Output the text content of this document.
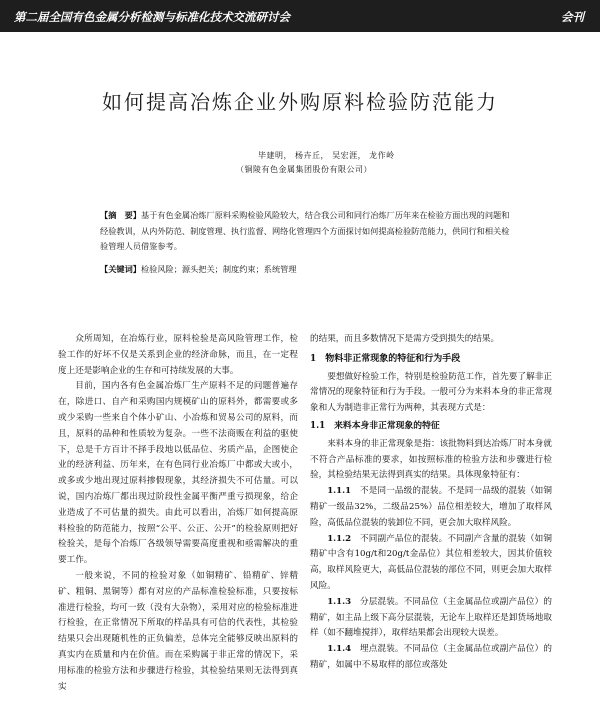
第二届全国有色金属分析检测与标准化技术交流研讨会	会刊
如何提高冶炼企业外购原料检验防范能力
毕建明， 杨卉丘， 吴宏涯， 龙作岭
（铜陵有色金属集团股份有限公司）
【摘　要】基于有色金属冶炼厂原料采购检验风险较大，结合我公司和同行冶炼厂历年来在检验方面出现的问题和经验教训，从内外防范、制度管理、执行监督、网络化管理四个方面探讨如何提高检验防范能力，供同行和相关检验管理人员借鉴参考。
【关键词】检验风险；源头把关；制度约束；系统管理

众所周知，在冶炼行业，原料检验是高风险管理工作，检验工作的好坏不仅是关系到企业的经济命脉，而且，在一定程度上还是影响企业的生存和可持续发展的大事。

目前，国内各有色金属冶炼厂生产原料不足的问题普遍存在，除进口、自产和采购国内规模矿山的原料外，都需要或多或少采购一些来自个体小矿山、小冶炼和贸易公司的原料，而且，原料的品种和性质较为复杂。一些不法商贩在利益的驱使下，总是千方百计不择手段地以低品位、劣质产品，企图使企业的经济利益、历年来，在有色同行业冶炼厂中都或大或小，或多或少地出现过原料掺假现象，其经济损失不可估量。可以说，国内冶炼厂都出现过阶段性金属平衡严重亏损现象，给企业造成了不可估量的损失。由此可以看出，冶炼厂如何提高原料检验的防范能力，按照“公平、公正、公开”的检验原则把好检验关，是每个冶炼厂各级领导需要高度重视和亟需解决的重要工作。

一般来说，不同的检验对象（如铜精矿、铅精矿、锌精矿、粗铜、黑铜等）都有对应的产品标准检验标准，只要按标准进行检验，均可一致（没有大杂物），采用对应的检验标准进行检验，在正常情况下所取的样品具有可信的代表性，其检验结果只会出现随机性的正负偏差，总体完全能够反映出原料的真实内在质量和内在价值。而在采购属于非正常的情况下，采用标准的检验方法和步骤进行检验，其检验结果则无法得到真实

的结果，而且多数情况下是需方受到损失的结果。

1　物料非正常现象的特征和行为手段

要想做好检验工作，特别是检验防范工作，首先要了解非正常情况的现象特征和行为手段。一般可分为来料本身的非正常现象和人为制造非正常行为两种，其表现方式是：

1.1　来料本身非正常现象的特征

来料本身的非正常现象是指：该批物料到达冶炼厂时本身就不符合产品标准的要求，如按照标准的检验方法和步骤进行检验，其检验结果无法得到真实的结果。具体现象特征有：

1.1.1　 不是同一品级的混装。不是同一品级的混装（如铜精矿一级品32%，二级品25%）品位相差较大，增加了取样风险，高低品位混装的装卸位不同，更会加大取样风险。

1.1.2　 不同副产品位的混装。不同副产含量的混装（如铜精矿中含有10g/t和20g/t金品位）其位相差较大，因其价值较高，取样风险更大，高低品位混装的部位不同，则更会加大取样风险。

1.1.3　 分层混装。不同品位（主金属品位或副产品位）的精矿，如主品上级下高分层混装，无论车上取样还是卸货场地取样（如不翻堆搅拌），取样结果都会出现较大误差。

1.1.4　 埋点混装。不同品位（主金属品位或副产品位）的精矿，如属中不易取样的部位或落处
